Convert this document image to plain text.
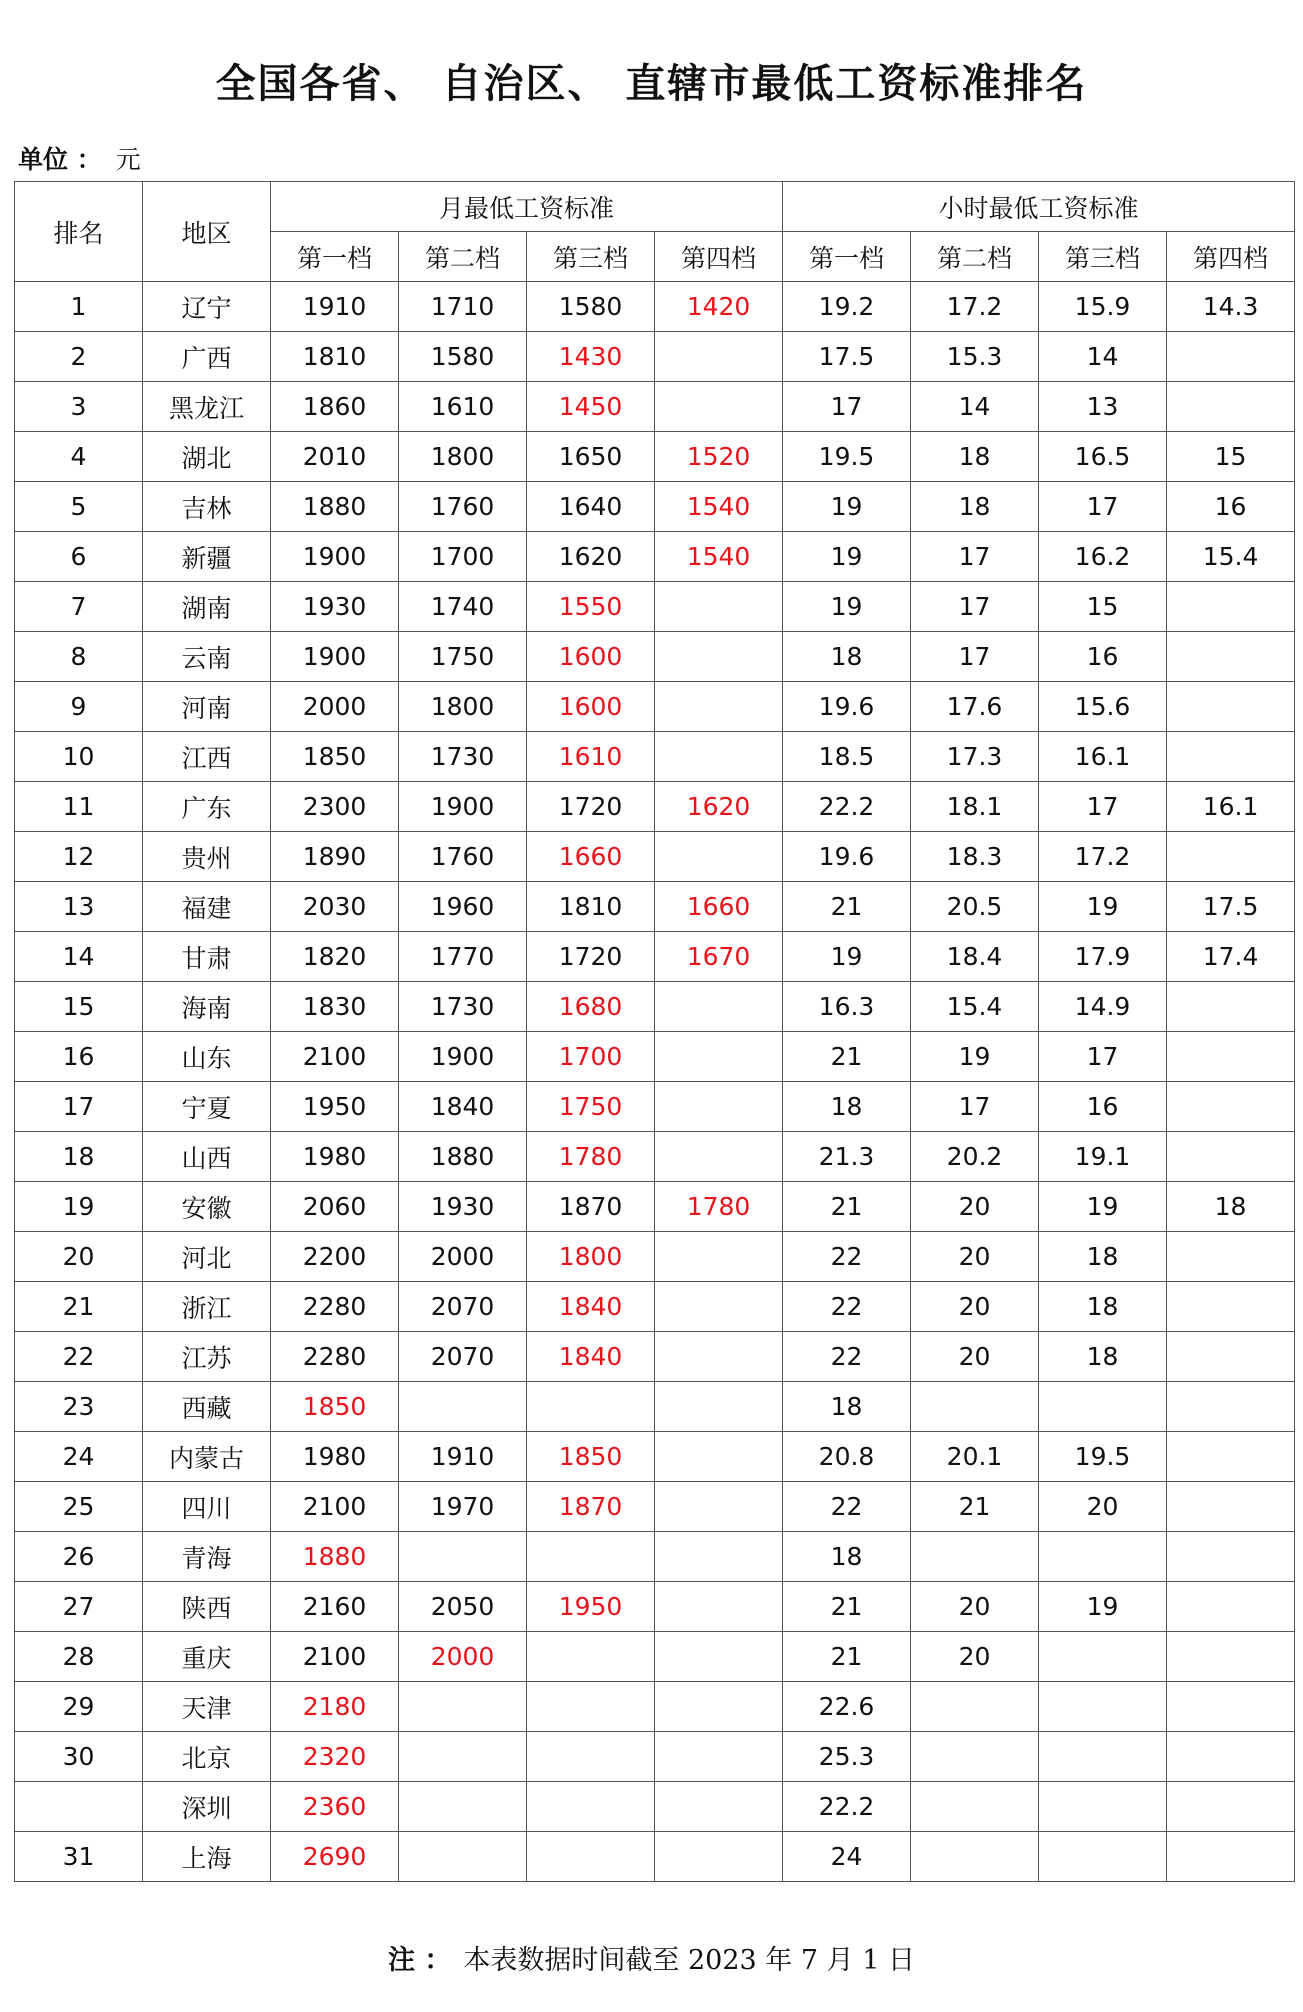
全国各省、 自治区、 直辖市最低工资标准排名
单位 ： 元
排名	地区	月最低工资标准				小时最低工资标准			
		第一档	第二档	第三档	第四档	第一档	第二档	第三档	第四档
1	辽宁	1910	1710	1580	1420	19.2	17.2	15.9	14.3
2	广西	1810	1580	1430		17.5	15.3	14	
3	黑龙江	1860	1610	1450		17	14	13	
4	湖北	2010	1800	1650	1520	19.5	18	16.5	15
5	吉林	1880	1760	1640	1540	19	18	17	16
6	新疆	1900	1700	1620	1540	19	17	16.2	15.4
7	湖南	1930	1740	1550		19	17	15	
8	云南	1900	1750	1600		18	17	16	
9	河南	2000	1800	1600		19.6	17.6	15.6	
10	江西	1850	1730	1610		18.5	17.3	16.1	
11	广东	2300	1900	1720	1620	22.2	18.1	17	16.1
12	贵州	1890	1760	1660		19.6	18.3	17.2	
13	福建	2030	1960	1810	1660	21	20.5	19	17.5
14	甘肃	1820	1770	1720	1670	19	18.4	17.9	17.4
15	海南	1830	1730	1680		16.3	15.4	14.9	
16	山东	2100	1900	1700		21	19	17	
17	宁夏	1950	1840	1750		18	17	16	
18	山西	1980	1880	1780		21.3	20.2	19.1	
19	安徽	2060	1930	1870	1780	21	20	19	18
20	河北	2200	2000	1800		22	20	18	
21	浙江	2280	2070	1840		22	20	18	
22	江苏	2280	2070	1840		22	20	18	
23	西藏	1850				18			
24	内蒙古	1980	1910	1850		20.8	20.1	19.5	
25	四川	2100	1970	1870		22	21	20	
26	青海	1880				18			
27	陕西	2160	2050	1950		21	20	19	
28	重庆	2100	2000			21	20		
29	天津	2180				22.6			
30	北京	2320				25.3			
	深圳	2360				22.2			
31	上海	2690				24			
注 ： 本表数据时间截至 2023 年 7 月 1 日
